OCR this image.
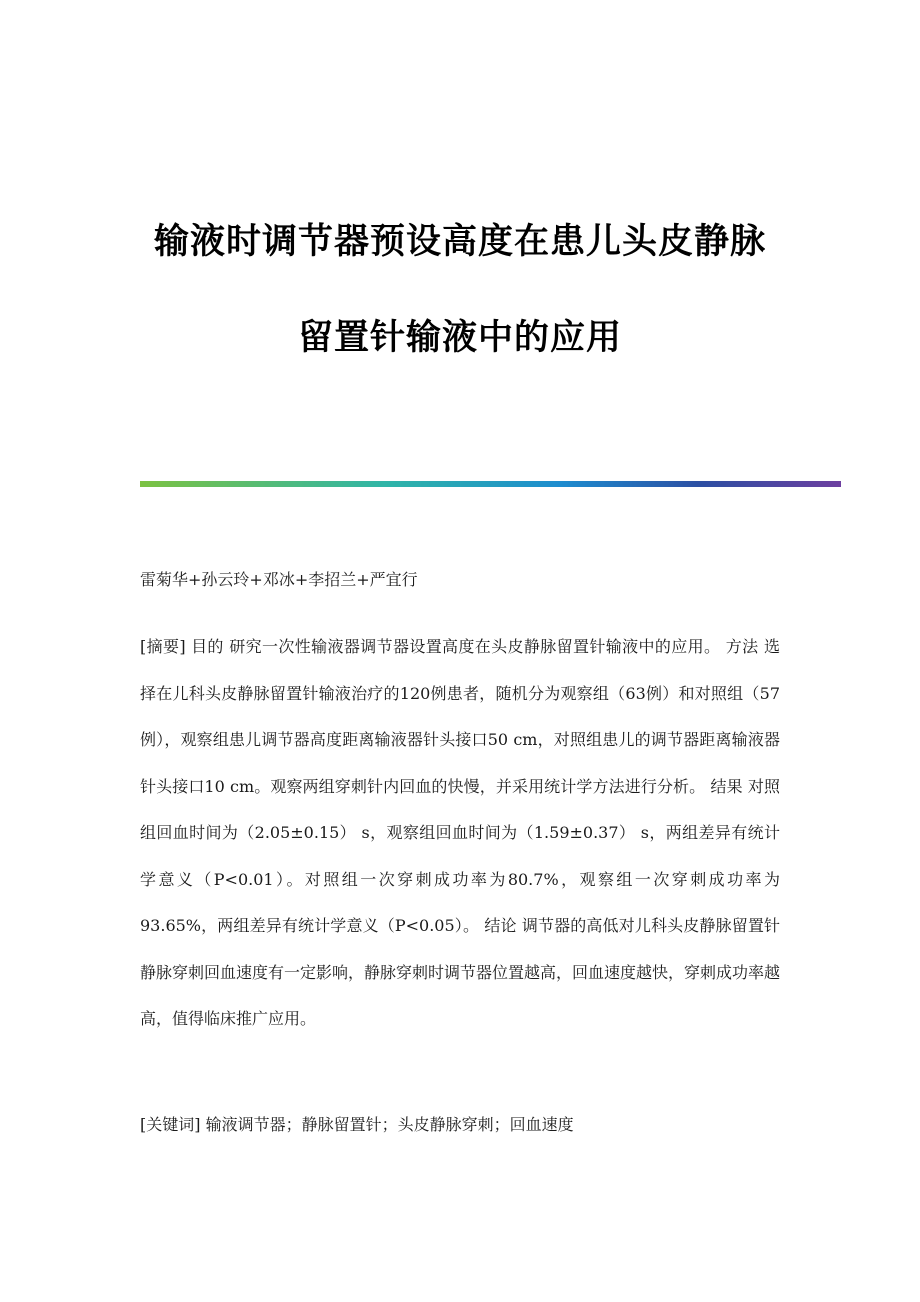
输液时调节器预设高度在患儿头皮静脉
留置针输液中的应用
雷菊华+孙云玲+邓冰+李招兰+严宜行
[摘要] 目的 研究一次性输液器调节器设置高度在头皮静脉留置针输液中的应用。 方法 选择在儿科头皮静脉留置针输液治疗的120例患者，随机分为观察组（63例）和对照组（57例），观察组患儿调节器高度距离输液器针头接口50 cm，对照组患儿的调节器距离输液器针头接口10 cm。观察两组穿刺针内回血的快慢，并采用统计学方法进行分析。 结果 对照组回血时间为（2.05±0.15） s，观察组回血时间为（1.59±0.37） s，两组差异有统计学意义（P<0.01）。对照组一次穿刺成功率为80.7%，观察组一次穿刺成功率为93.65%，两组差异有统计学意义（P<0.05）。 结论 调节器的高低对儿科头皮静脉留置针静脉穿刺回血速度有一定影响，静脉穿刺时调节器位置越高，回血速度越快，穿刺成功率越高，值得临床推广应用。
[关键词] 输液调节器；静脉留置针；头皮静脉穿刺；回血速度
